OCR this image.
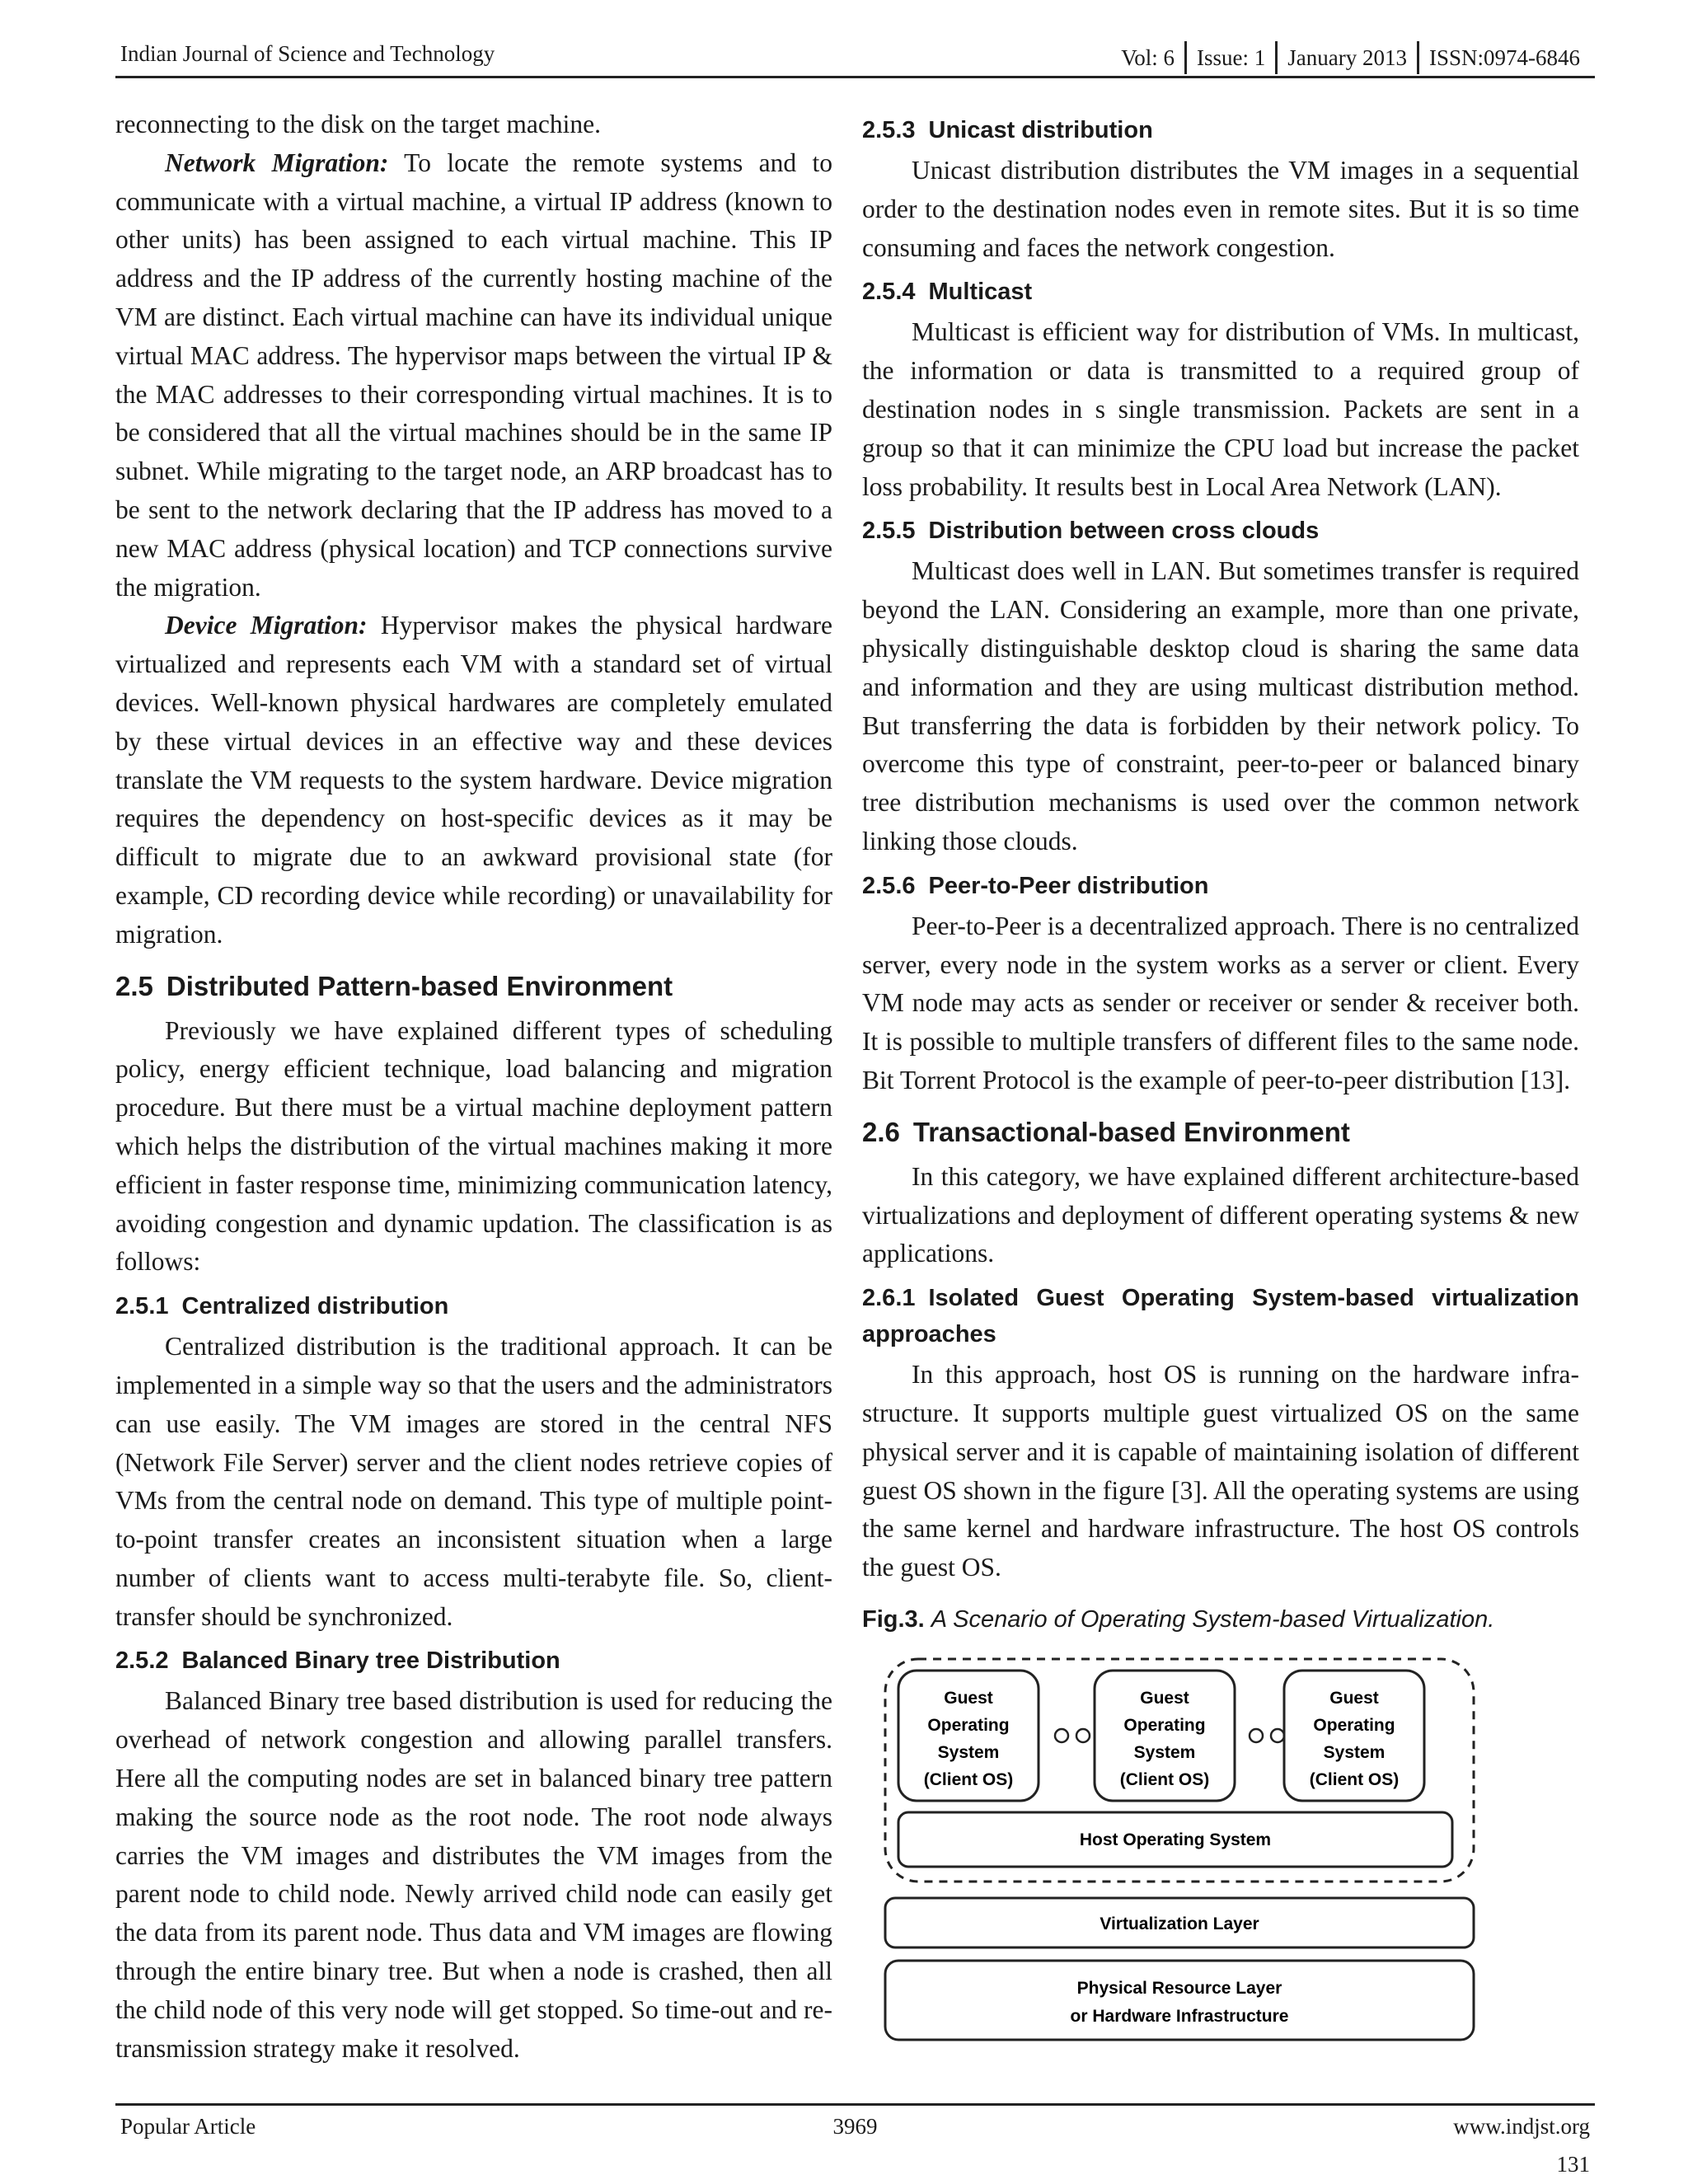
Indian Journal of Science and Technology	Vol: 6	Issue: 1	January 2013	ISSN:0974-6846

reconnecting to the disk on the target machine.

Network Migration: To locate the remote systems and to communicate with a virtual machine, a virtual IP address (known to other units) has been assigned to each virtual machine. This IP address and the IP address of the currently hosting machine of the VM are distinct. Each virtual machine can have its individual unique virtual MAC address. The hypervisor maps between the virtual IP & the MAC addresses to their corresponding virtual machines. It is to be considered that all the virtual machines should be in the same IP subnet. While migrating to the target node, an ARP broadcast has to be sent to the network declaring that the IP address has moved to a new MAC address (physical location) and TCP connections survive the migration.

Device Migration: Hypervisor makes the physical hardware virtualized and represents each VM with a standard set of virtual devices. Well-known physical hardwares are completely emulated by these virtual devices in an effective way and these devices translate the VM requests to the system hardware. Device migration requires the dependency on host-specific devices as it may be difficult to migrate due to an awkward provisional state (for example, CD recording device while recording) or unavailability for migration.

2.5 Distributed Pattern-based Environment

Previously we have explained different types of scheduling policy, energy efficient technique, load balancing and migration procedure. But there must be a virtual machine deployment pattern which helps the distribution of the virtual machines making it more efficient in faster response time, minimizing communication latency, avoiding congestion and dynamic updation. The classification is as follows:

2.5.1 Centralized distribution

Centralized distribution is the traditional approach. It can be implemented in a simple way so that the users and the administrators can use easily. The VM images are stored in the central NFS (Network File Server) server and the client nodes retrieve copies of VMs from the central node on demand. This type of multiple point-to-point transfer creates an inconsistent situation when a large number of clients want to access multi-terabyte file. So, client-transfer should be synchronized.

2.5.2 Balanced Binary tree Distribution

Balanced Binary tree based distribution is used for reducing the overhead of network congestion and allowing parallel transfers. Here all the computing nodes are set in balanced binary tree pattern making the source node as the root node. The root node always carries the VM images and distributes the VM images from the parent node to child node. Newly arrived child node can easily get the data from its parent node. Thus data and VM images are flowing through the entire binary tree. But when a node is crashed, then all the child node of this very node will get stopped. So time-out and re-transmission strategy make it resolved.

2.5.3 Unicast distribution

Unicast distribution distributes the VM images in a sequential order to the destination nodes even in remote sites. But it is so time consuming and faces the network congestion.

2.5.4 Multicast

Multicast is efficient way for distribution of VMs. In multicast, the information or data is transmitted to a required group of destination nodes in s single transmission. Packets are sent in a group so that it can minimize the CPU load but increase the packet loss probability. It results best in Local Area Network (LAN).

2.5.5 Distribution between cross clouds

Multicast does well in LAN. But sometimes transfer is required beyond the LAN. Considering an example, more than one private, physically distinguishable desktop cloud is sharing the same data and information and they are using multicast distribution method. But transferring the data is forbidden by their network policy. To overcome this type of constraint, peer-to-peer or balanced binary tree distribution mechanisms is used over the common network linking those clouds.

2.5.6 Peer-to-Peer distribution

Peer-to-Peer is a decentralized approach. There is no centralized server, every node in the system works as a server or client. Every VM node may acts as sender or receiver or sender & receiver both. It is possible to multiple transfers of different files to the same node. Bit Torrent Protocol is the example of peer-to-peer distribution [13].

2.6 Transactional-based Environment

In this category, we have explained different architecture-based virtualizations and deployment of different operating systems & new applications.

2.6.1 Isolated Guest Operating System-based virtualization approaches

In this approach, host OS is running on the hardware infrastructure. It supports multiple guest virtualized OS on the same physical server and it is capable of maintaining isolation of different guest OS shown in the figure [3]. All the operating systems are using the same kernel and hardware infrastructure. The host OS controls the guest OS.

Fig.3. A Scenario of Operating System-based Virtualization.
Guest
Operating
System
(Client OS)
Guest
Operating
System
(Client OS)
Guest
Operating
System
(Client OS)
Host Operating System
Virtualization Layer
Physical Resource Layer
or Hardware Infrastructure
Popular Article	3969	www.indjst.org
131
